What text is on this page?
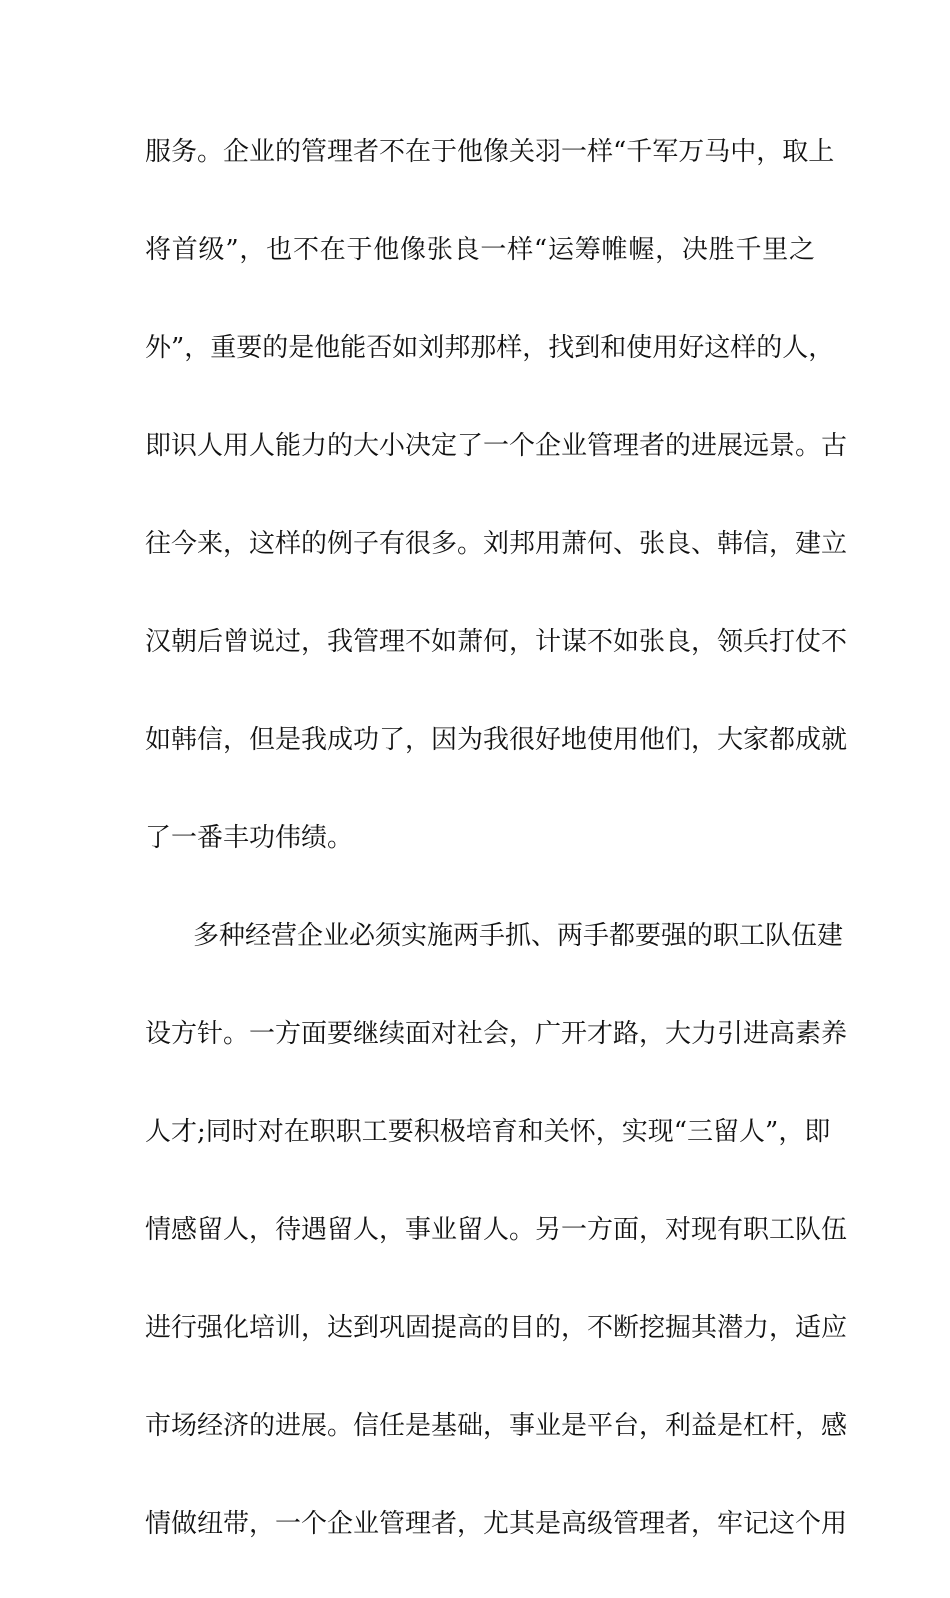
服务。企业的管理者不在于他像关羽一样“千军万马中，取上
将首级”，也不在于他像张良一样“运筹帷幄，决胜千里之
外”，重要的是他能否如刘邦那样，找到和使用好这样的人，
即识人用人能力的大小决定了一个企业管理者的进展远景。古
往今来，这样的例子有很多。刘邦用萧何、张良、韩信，建立
汉朝后曾说过，我管理不如萧何，计谋不如张良，领兵打仗不
如韩信，但是我成功了，因为我很好地使用他们，大家都成就
了一番丰功伟绩。
多种经营企业必须实施两手抓、两手都要强的职工队伍建
设方针。一方面要继续面对社会，广开才路，大力引进高素养
人才;同时对在职职工要积极培育和关怀，实现“三留人”，即
情感留人，待遇留人，事业留人。另一方面，对现有职工队伍
进行强化培训，达到巩固提高的目的，不断挖掘其潜力，适应
市场经济的进展。信任是基础，事业是平台，利益是杠杆，感
情做纽带，一个企业管理者，尤其是高级管理者，牢记这个用
